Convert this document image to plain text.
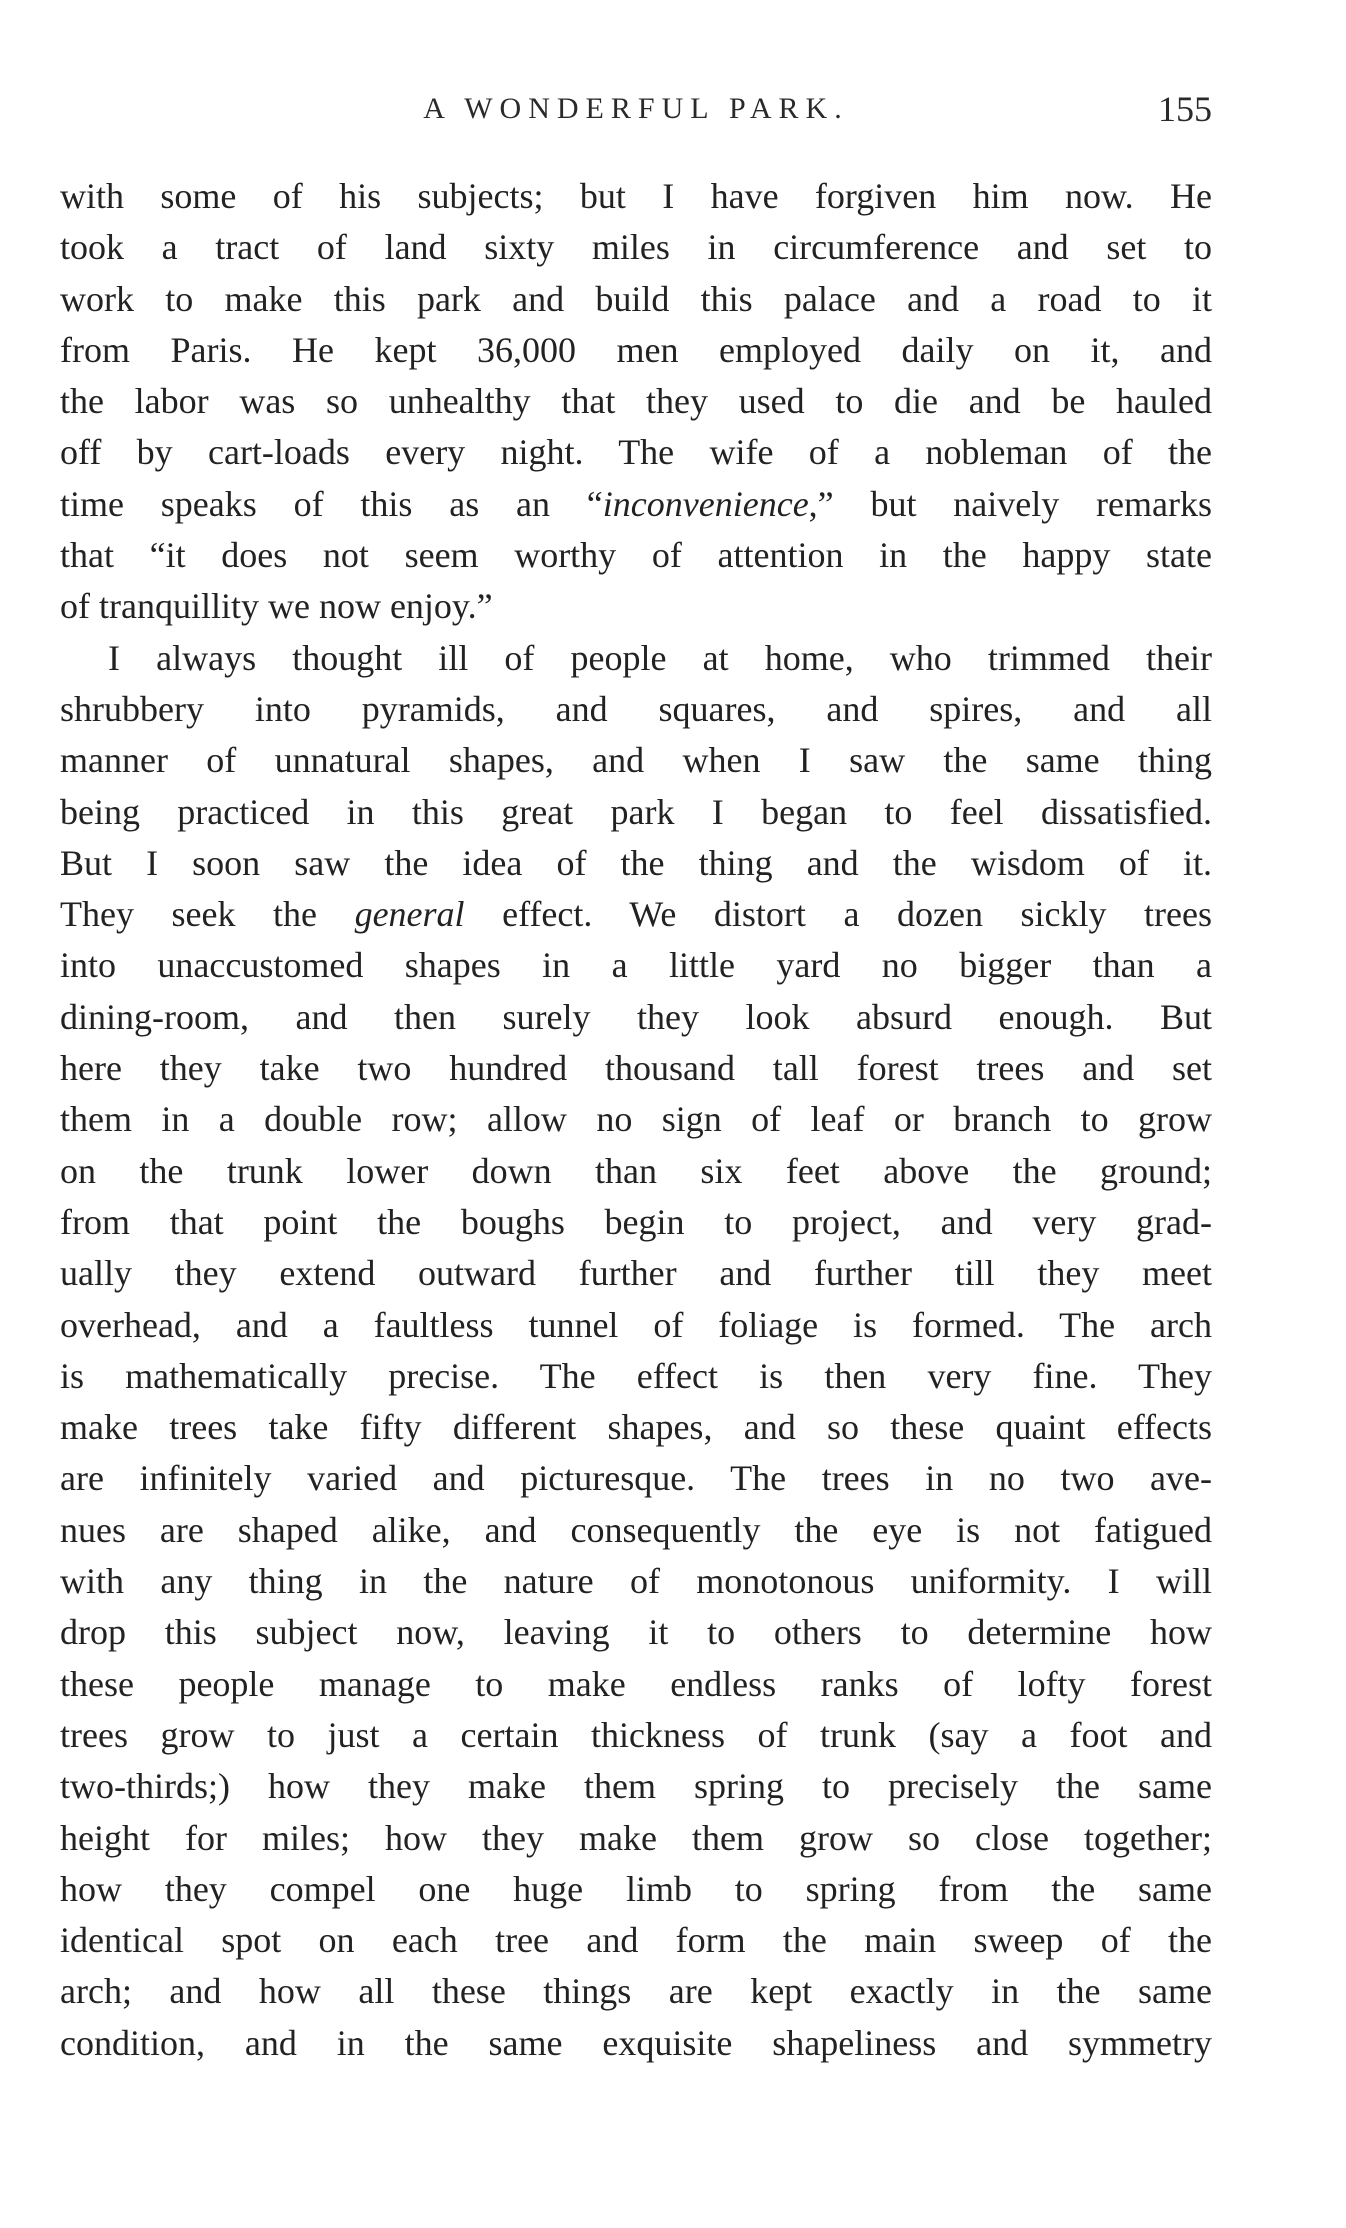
A WONDERFUL PARK.	155
with some of his subjects; but I have forgiven him now. He
took a tract of land sixty miles in circumference and set to
work to make this park and build this palace and a road to it
from Paris. He kept 36,000 men employed daily on it, and
the labor was so unhealthy that they used to die and be hauled
off by cart-loads every night. The wife of a nobleman of the
time speaks of this as an “inconvenience,” but naively remarks
that “it does not seem worthy of attention in the happy state
of tranquillity we now enjoy.”
I always thought ill of people at home, who trimmed their
shrubbery into pyramids, and squares, and spires, and all
manner of unnatural shapes, and when I saw the same thing
being practiced in this great park I began to feel dissatisfied.
But I soon saw the idea of the thing and the wisdom of it.
They seek the general effect. We distort a dozen sickly trees
into unaccustomed shapes in a little yard no bigger than a
dining-room, and then surely they look absurd enough. But
here they take two hundred thousand tall forest trees and set
them in a double row; allow no sign of leaf or branch to grow
on the trunk lower down than six feet above the ground;
from that point the boughs begin to project, and very grad-
ually they extend outward further and further till they meet
overhead, and a faultless tunnel of foliage is formed. The arch
is mathematically precise. The effect is then very fine. They
make trees take fifty different shapes, and so these quaint effects
are infinitely varied and picturesque. The trees in no two ave-
nues are shaped alike, and consequently the eye is not fatigued
with any thing in the nature of monotonous uniformity. I will
drop this subject now, leaving it to others to determine how
these people manage to make endless ranks of lofty forest
trees grow to just a certain thickness of trunk (say a foot and
two-thirds;) how they make them spring to precisely the same
height for miles; how they make them grow so close together;
how they compel one huge limb to spring from the same
identical spot on each tree and form the main sweep of the
arch; and how all these things are kept exactly in the same
condition, and in the same exquisite shapeliness and symmetry
